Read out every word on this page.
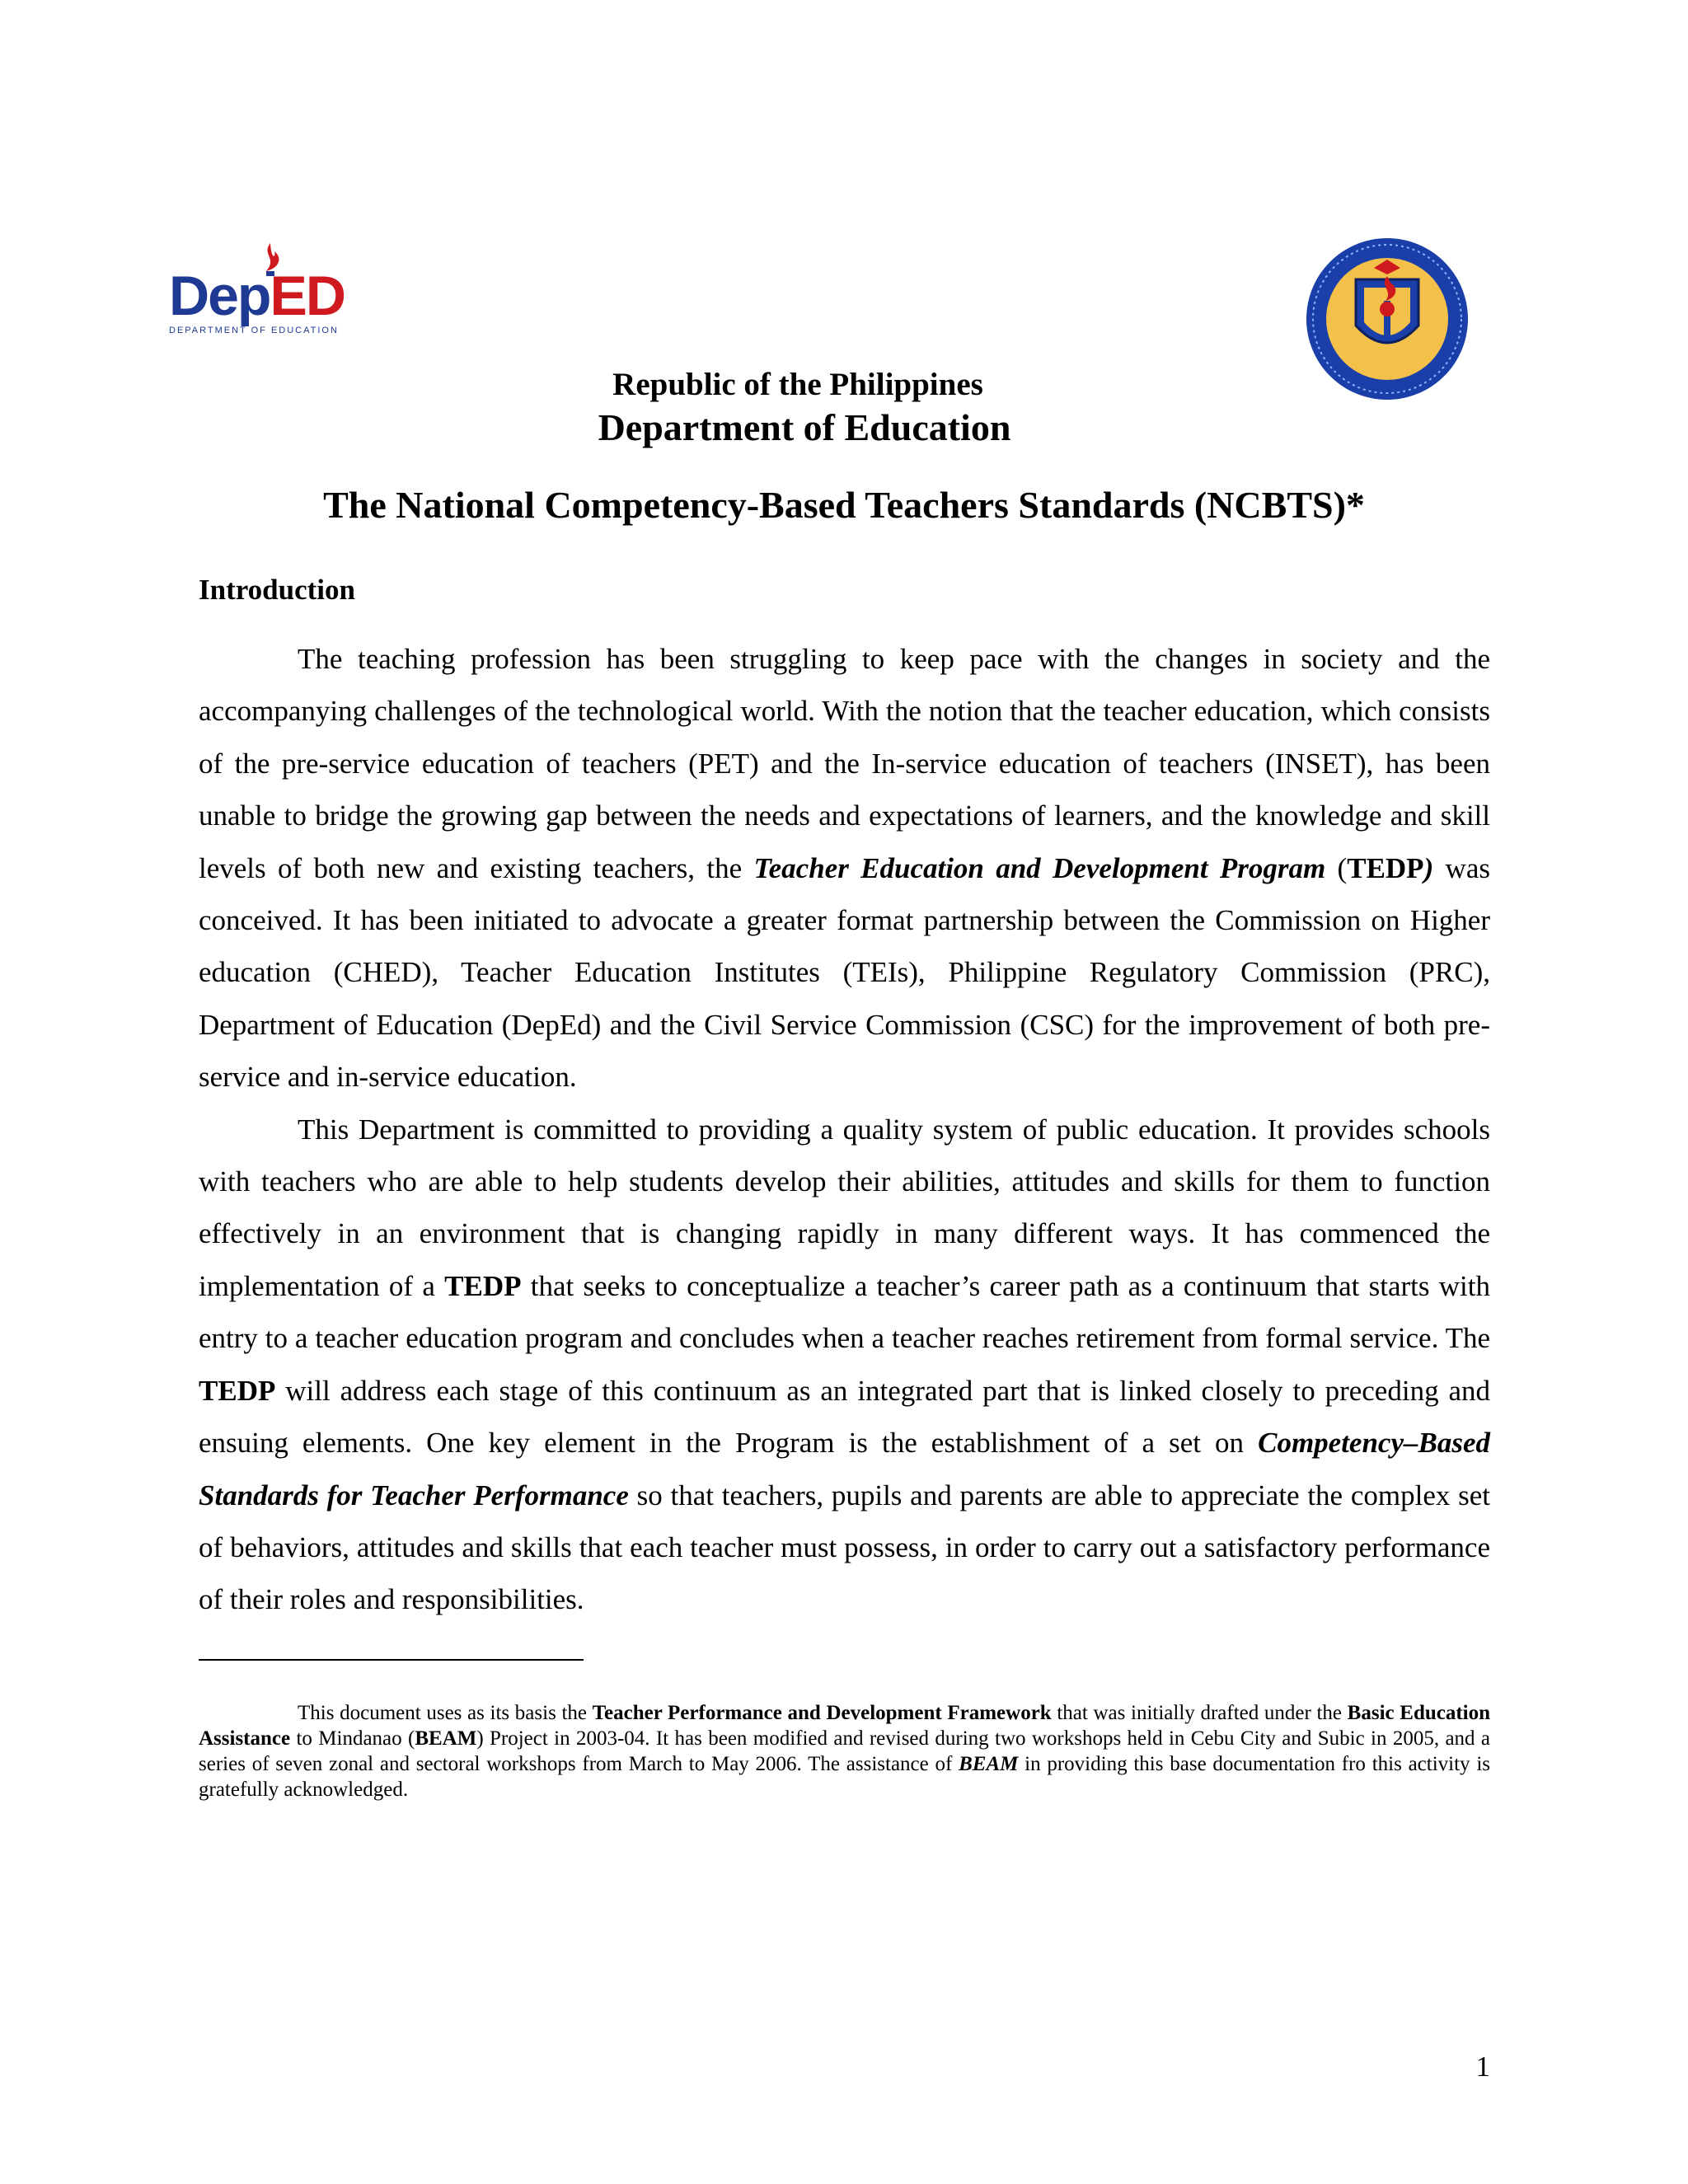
DepED
DEPARTMENT OF EDUCATION
Republic of the Philippines
Department of Education
The National Competency-Based Teachers Standards (NCBTS)*
Introduction

The teaching profession has been struggling to keep pace with the changes in society and the accompanying challenges of the technological world. With the notion that the teacher education, which consists of the pre-service education of teachers (PET) and the In-service education of teachers (INSET), has been unable to bridge the growing gap between the needs and expectations of learners, and the knowledge and skill levels of both new and existing teachers, the Teacher Education and Development Program (TEDP) was conceived. It has been initiated to advocate a greater format partnership between the Commission on Higher education (CHED), Teacher Education Institutes (TEIs), Philippine Regulatory Commission (PRC), Department of Education (DepEd) and the Civil Service Commission (CSC) for the improvement of both pre-service and in-service education.

This Department is committed to providing a quality system of public education. It provides schools with teachers who are able to help students develop their abilities, attitudes and skills for them to function effectively in an environment that is changing rapidly in many different ways. It has commenced the implementation of a TEDP that seeks to conceptualize a teacher’s career path as a continuum that starts with entry to a teacher education program and concludes when a teacher reaches retirement from formal service. The TEDP will address each stage of this continuum as an integrated part that is linked closely to preceding and ensuing elements. One key element in the Program is the establishment of a set on Competency–Based Standards for Teacher Performance so that teachers, pupils and parents are able to appreciate the complex set of behaviors, attitudes and skills that each teacher must possess, in order to carry out a satisfactory performance of their roles and responsibilities.

This document uses as its basis the Teacher Performance and Development Framework that was initially drafted under the Basic Education Assistance to Mindanao (BEAM) Project in 2003-04. It has been modified and revised during two workshops held in Cebu City and Subic in 2005, and a series of seven zonal and sectoral workshops from March to May 2006. The assistance of BEAM in providing this base documentation fro this activity is gratefully acknowledged.
1
